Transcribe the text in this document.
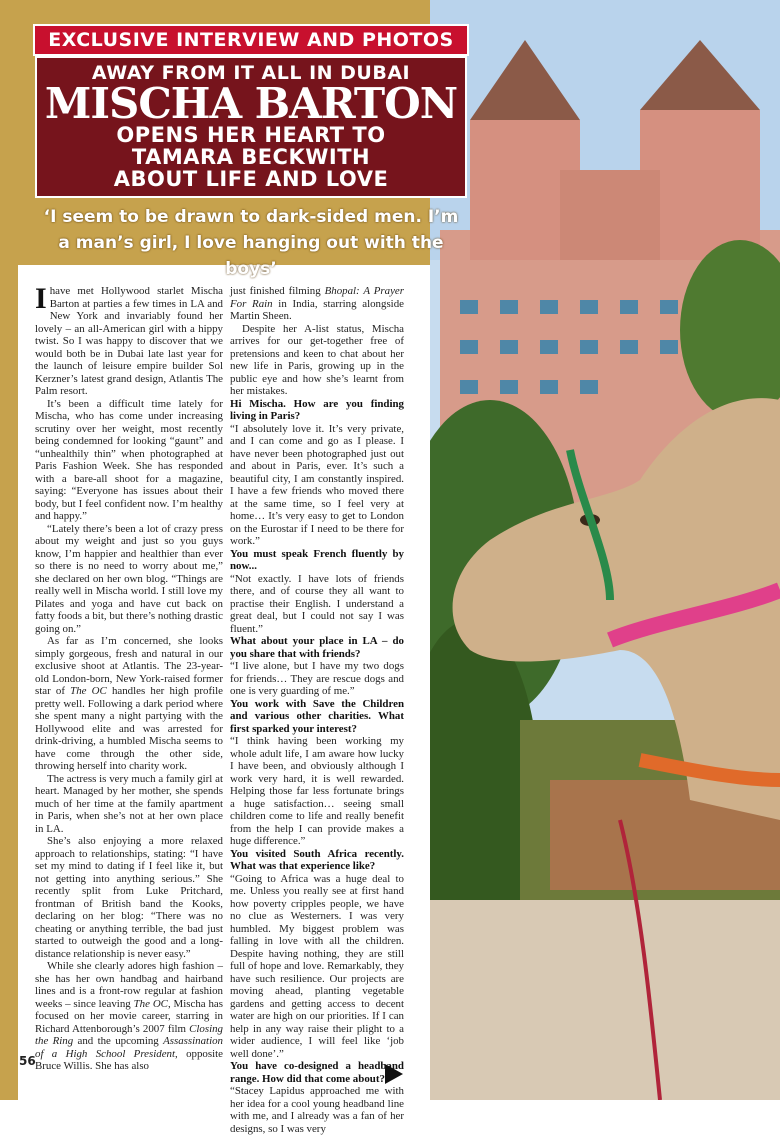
EXCLUSIVE INTERVIEW AND PHOTOS
AWAY FROM IT ALL IN DUBAI
MISCHA BARTON
OPENS HER HEART TO
TAMARA BECKWITH
ABOUT LIFE AND LOVE
‘I seem to be drawn to dark-sided men. I’m a man’s girl, I love hanging out with the boys’

Ihave met Hollywood starlet Mischa Barton at parties a few times in LA and New York and invariably found her lovely – an all-American girl with a hippy twist. So I was happy to discover that we would both be in Dubai late last year for the launch of leisure empire builder Sol Kerzner’s latest grand design, Atlantis The Palm resort.

It’s been a difficult time lately for Mischa, who has come under increasing scrutiny over her weight, most recently being condemned for looking “gaunt” and “unhealthily thin” when photographed at Paris Fashion Week. She has responded with a bare-all shoot for a magazine, saying: “Everyone has issues about their body, but I feel confident now. I’m healthy and happy.”

“Lately there’s been a lot of crazy press about my weight and just so you guys know, I’m happier and healthier than ever so there is no need to worry about me,” she declared on her own blog. “Things are really well in Mischa world. I still love my Pilates and yoga and have cut back on fatty foods a bit, but there’s nothing drastic going on.”

As far as I’m concerned, she looks simply gorgeous, fresh and natural in our exclusive shoot at Atlantis. The 23-year-old London-born, New York-raised former star of The OC handles her high profile pretty well. Following a dark period where she spent many a night partying with the Hollywood elite and was arrested for drink-driving, a humbled Mischa seems to have come through the other side, throwing herself into charity work.

The actress is very much a family girl at heart. Managed by her mother, she spends much of her time at the family apartment in Paris, when she’s not at her own place in LA.

She’s also enjoying a more relaxed approach to relationships, stating: “I have set my mind to dating if I feel like it, but not getting into anything serious.” She recently split from Luke Pritchard, frontman of British band the Kooks, declaring on her blog: “There was no cheating or anything terrible, the bad just started to outweigh the good and a long-distance relationship is never easy.”

While she clearly adores high fashion – she has her own handbag and hairband lines and is a front-row regular at fashion weeks – since leaving The OC, Mischa has focused on her movie career, starring in Richard Attenborough’s 2007 film Closing the Ring and the upcoming Assassination of a High School President, opposite Bruce Willis. She has also

just finished filming Bhopal: A Prayer For Rain in India, starring alongside Martin Sheen.

Despite her A-list status, Mischa arrives for our get-together free of pretensions and keen to chat about her new life in Paris, growing up in the public eye and how she’s learnt from her mistakes.

Hi Mischa. How are you finding living in Paris?

“I absolutely love it. It’s very private, and I can come and go as I please. I have never been photographed just out and about in Paris, ever. It’s such a beautiful city, I am constantly inspired. I have a few friends who moved there at the same time, so I feel very at home… It’s very easy to get to London on the Eurostar if I need to be there for work.”

You must speak French fluently by now...

“Not exactly. I have lots of friends there, and of course they all want to practise their English. I understand a great deal, but I could not say I was fluent.”

What about your place in LA – do you share that with friends?

“I live alone, but I have my two dogs for friends… They are rescue dogs and one is very guarding of me.”

You work with Save the Children and various other charities. What first sparked your interest?

“I think having been working my whole adult life, I am aware how lucky I have been, and obviously although I work very hard, it is well rewarded. Helping those far less fortunate brings a huge satisfaction… seeing small children come to life and really benefit from the help I can provide makes a huge difference.”

You visited South Africa recently. What was that experience like?

“Going to Africa was a huge deal to me. Unless you really see at first hand how poverty cripples people, we have no clue as Westerners. I was very humbled. My biggest problem was falling in love with all the children. Despite having nothing, they are still full of hope and love. Remarkably, they have such resilience. Our projects are moving ahead, planting vegetable gardens and getting access to decent water are high on our priorities. If I can help in any way raise their plight to a wider audience, I will feel like ‘job well done’.”

You have co-designed a headband range. How did that come about?

“Stacey Lapidus approached me with her idea for a cool young headband line with me, and I already was a fan of her designs, so I was very

56
